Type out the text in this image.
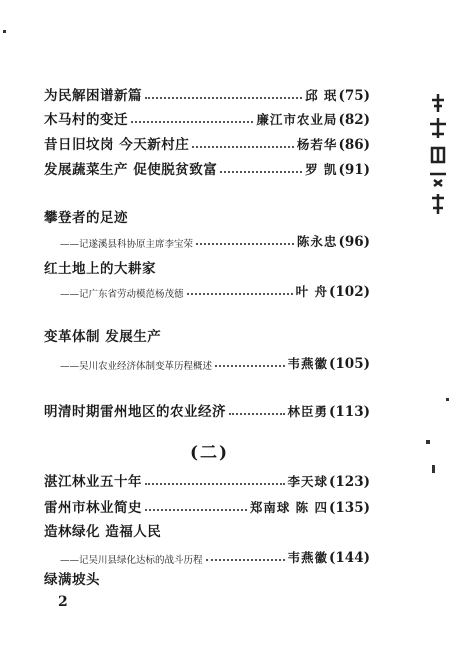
为民解困谱新篇	邱 珉 (75)
木马村的变迁	廉江市农业局 (82)
昔日旧坟岗 今天新村庄	杨若华 (86)
发展蔬菜生产 促使脱贫致富	罗 凯 (91)
攀登者的足迹
——记遂溪县科协原主席李宝荣	陈永忠 (96)
红土地上的大耕家
——记广东省劳动模范杨茂德	叶 舟 (102)
变革体制 发展生产
——吴川农业经济体制变革历程概述	韦燕徽 (105)
明清时期雷州地区的农业经济	林臣勇 (113)
(二)
湛江林业五十年	李天球 (123)
雷州市林业简史	郑南球 陈 四 (135)
造林绿化 造福人民
——记吴川县绿化达标的战斗历程	韦燕徽 (144)
绿满坡头
2
